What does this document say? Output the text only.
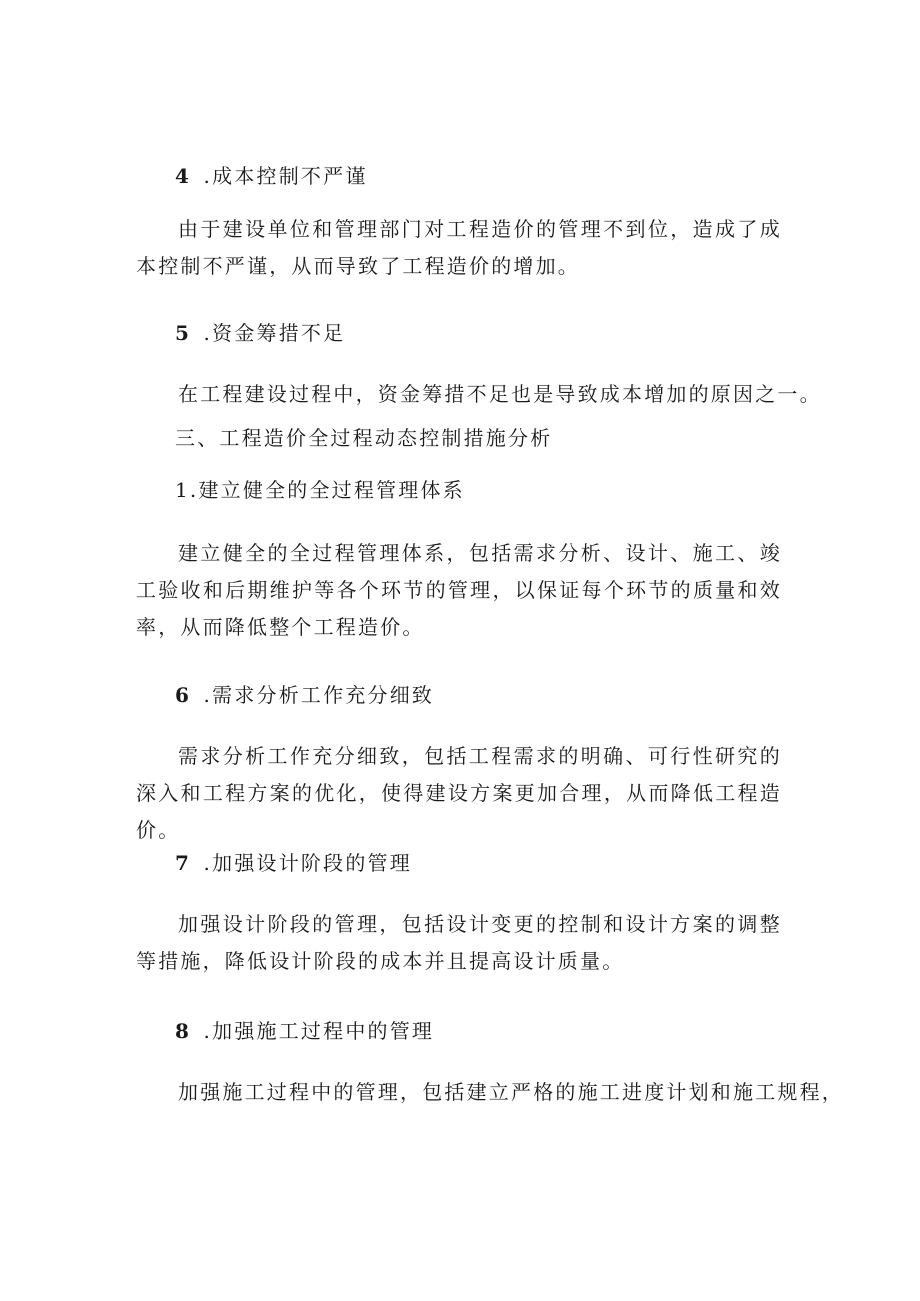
4 .成本控制不严谨

由于建设单位和管理部门对工程造价的管理不到位，造成了成本控制不严谨，从而导致了工程造价的增加。

5 .资金筹措不足

在工程建设过程中，资金筹措不足也是导致成本增加的原因之一。

三、工程造价全过程动态控制措施分析
1.建立健全的全过程管理体系

建立健全的全过程管理体系，包括需求分析、设计、施工、竣工验收和后期维护等各个环节的管理，以保证每个环节的质量和效率，从而降低整个工程造价。

6 .需求分析工作充分细致

需求分析工作充分细致，包括工程需求的明确、可行性研究的深入和工程方案的优化，使得建设方案更加合理，从而降低工程造价。

7 .加强设计阶段的管理

加强设计阶段的管理，包括设计变更的控制和设计方案的调整等措施，降低设计阶段的成本并且提高设计质量。

8 .加强施工过程中的管理

加强施工过程中的管理，包括建立严格的施工进度计划和施工规程，
